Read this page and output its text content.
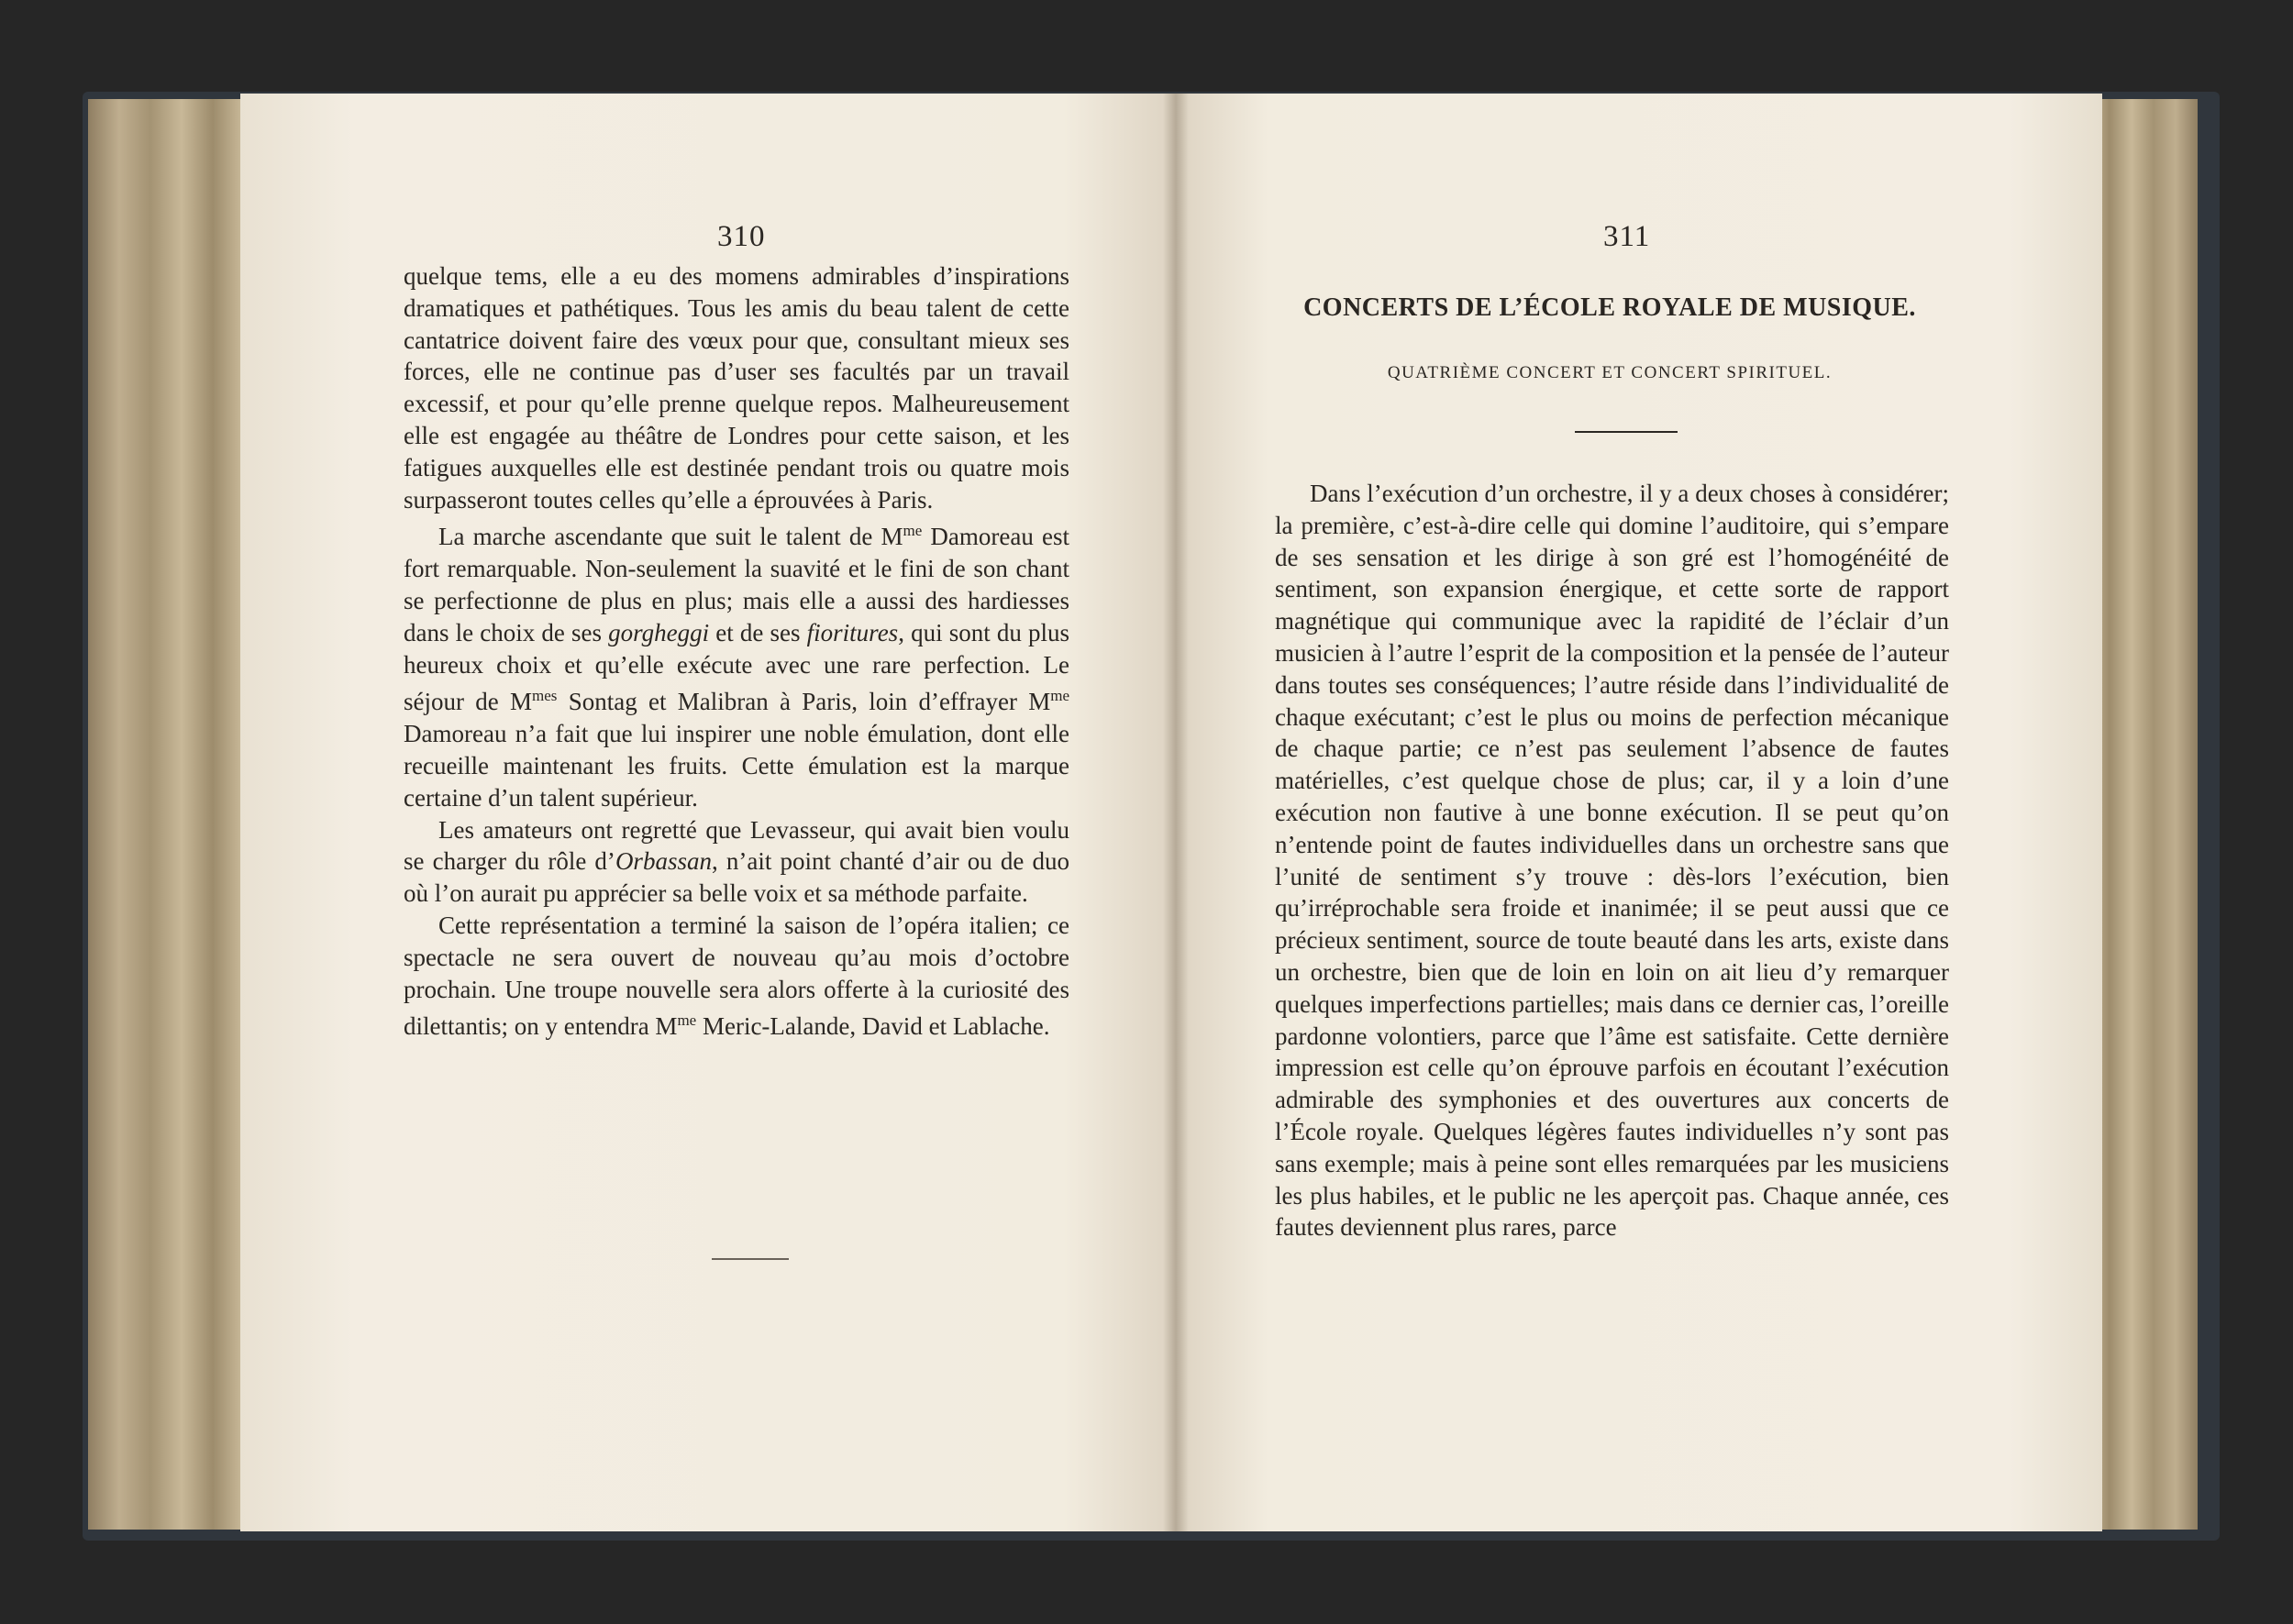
310

quelque tems, elle a eu des momens admirables d’inspirations dramatiques et pathétiques. Tous les amis du beau talent de cette cantatrice doivent faire des vœux pour que, consultant mieux ses forces, elle ne continue pas d’user ses facultés par un travail excessif, et pour qu’elle prenne quelque repos. Malheureusement elle est engagée au théâtre de Londres pour cette saison, et les fatigues auxquelles elle est destinée pendant trois ou quatre mois surpasseront toutes celles qu’elle a éprouvées à Paris.

La marche ascendante que suit le talent de $M^{me}$ Damoreau est fort remarquable. Non-seulement la suavité et le fini de son chant se perfectionne de plus en plus; mais elle a aussi des hardiesses dans le choix de ses gorgheggi et de ses fioritures, qui sont du plus heureux choix et qu’elle exécute avec une rare perfection. Le séjour de $M^{mes}$ Sontag et Malibran à Paris, loin d’effrayer $M^{me}$ Damoreau n’a fait que lui inspirer une noble émulation, dont elle recueille maintenant les fruits. Cette émulation est la marque certaine d’un talent supérieur.

Les amateurs ont regretté que Levasseur, qui avait bien voulu se charger du rôle d’Orbassan, n’ait point chanté d’air ou de duo où l’on aurait pu apprécier sa belle voix et sa méthode parfaite.

Cette représentation a terminé la saison de l’opéra italien; ce spectacle ne sera ouvert de nouveau qu’au mois d’octobre prochain. Une troupe nouvelle sera alors offerte à la curiosité des dilettantis; on y entendra $M^{me}$ Meric-Lalande, David et Lablache.

311
CONCERTS DE L’ÉCOLE ROYALE DE MUSIQUE.
QUATRIÈME CONCERT ET CONCERT SPIRITUEL.

Dans l’exécution d’un orchestre, il y a deux choses à considérer; la première, c’est-à-dire celle qui domine l’auditoire, qui s’empare de ses sensation et les dirige à son gré est l’homogénéité de sentiment, son expansion énergique, et cette sorte de rapport magnétique qui communique avec la rapidité de l’éclair d’un musicien à l’autre l’esprit de la composition et la pensée de l’auteur dans toutes ses conséquences; l’autre réside dans l’individualité de chaque exécutant; c’est le plus ou moins de perfection mécanique de chaque partie; ce n’est pas seulement l’absence de fautes matérielles, c’est quelque chose de plus; car, il y a loin d’une exécution non fautive à une bonne exécution. Il se peut qu’on n’entende point de fautes individuelles dans un orchestre sans que l’unité de sentiment s’y trouve : dès-lors l’exécution, bien qu’irréprochable sera froide et inanimée; il se peut aussi que ce précieux sentiment, source de toute beauté dans les arts, existe dans un orchestre, bien que de loin en loin on ait lieu d’y remarquer quelques imperfections partielles; mais dans ce dernier cas, l’oreille pardonne volontiers, parce que l’âme est satisfaite. Cette dernière impression est celle qu’on éprouve parfois en écoutant l’exécution admirable des symphonies et des ouvertures aux concerts de l’École royale. Quelques légères fautes individuelles n’y sont pas sans exemple; mais à peine sont elles remarquées par les musiciens les plus habiles, et le public ne les aperçoit pas. Chaque année, ces fautes deviennent plus rares, parce
